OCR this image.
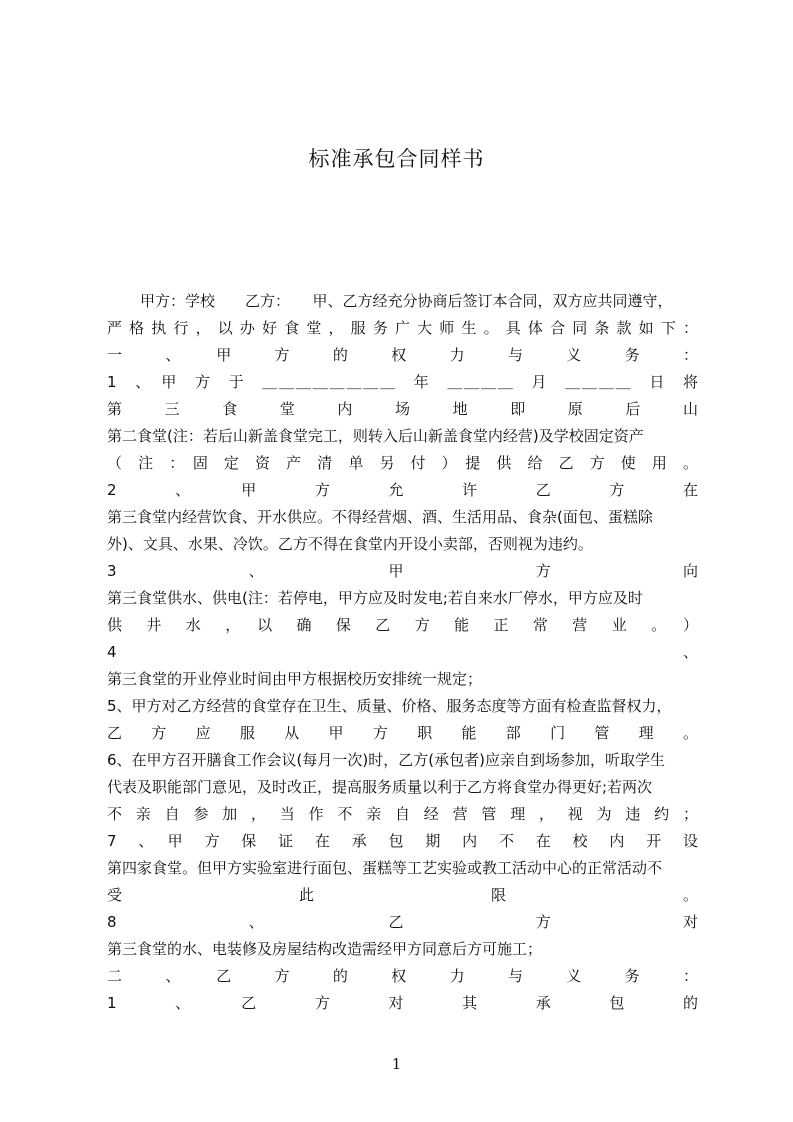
标准承包合同样书
甲方：学校　　乙方：　　甲、乙方经充分协商后签订本合同，双方应共同遵守，
严格执行，以办好食堂，服务广大师生。具体合同条款如下：
一　、　甲　方　的　权　力　与　义　务　：
1　、　甲　方　于　＿＿＿＿＿＿＿＿　年　＿＿＿＿　月　＿＿＿＿　日　将
第　三　食　堂　内　场　地　即　原　后　山
第二食堂(注：若后山新盖食堂完工，则转入后山新盖食堂内经营)及学校固定资产
（　注　：　固　定　资　产　清　单　另　付　）　提　供　给　乙　方　使　用　。
2　、　甲　方　允　许　乙　方　在
第三食堂内经营饮食、开水供应。不得经营烟、酒、生活用品、食杂(面包、蛋糕除
外)、文具、水果、冷饮。乙方不得在食堂内开设小卖部，否则视为违约。
3　、　甲　方　向
第三食堂供水、供电(注：若停电，甲方应及时发电;若自来水厂停水，甲方应及时
供　井　水　，　以　确　保　乙　方　能　正　常　营　业　。　）
4　、
第三食堂的开业停业时间由甲方根据校历安排统一规定；
5、甲方对乙方经营的食堂存在卫生、质量、价格、服务态度等方面有检查监督权力，
乙　方　应　服　从　甲　方　职　能　部　门　管　理　。
6、在甲方召开膳食工作会议(每月一次)时，乙方(承包者)应亲自到场参加，听取学生
代表及职能部门意见，及时改正，提高服务质量以利于乙方将食堂办得更好;若两次
不亲自参加，当作不亲自经营管理，视为违约；
7　、　甲　方　保　证　在　承　包　期　内　不　在　校　内　开　设
第四家食堂。但甲方实验室进行面包、蛋糕等工艺实验或教工活动中心的正常活动不
受　此　限　。
8　、　乙　方　对
第三食堂的水、电装修及房屋结构改造需经甲方同意后方可施工；
二　、　乙　方　的　权　力　与　义　务　：
1　、　乙　方　对　其　承　包　的
1
